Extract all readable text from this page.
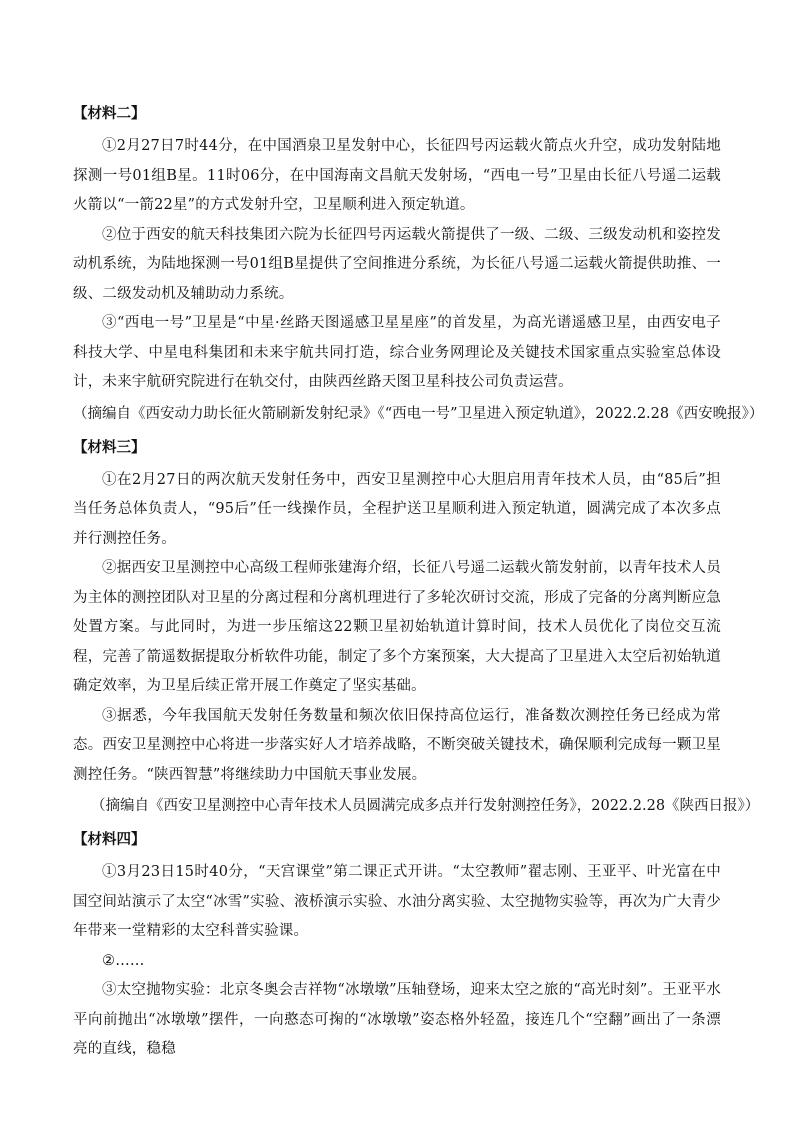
【材料二】

①2月27日7时44分，在中国酒泉卫星发射中心，长征四号丙运载火箭点火升空，成功发射陆地探测一号01组B星。11时06分，在中国海南文昌航天发射场，“西电一号”卫星由长征八号遥二运载火箭以“一箭22星”的方式发射升空，卫星顺利进入预定轨道。

②位于西安的航天科技集团六院为长征四号丙运载火箭提供了一级、二级、三级发动机和姿控发动机系统，为陆地探测一号01组B星提供了空间推进分系统，为长征八号遥二运载火箭提供助推、一级、二级发动机及辅助动力系统。

③“西电一号”卫星是“中星·丝路天图遥感卫星星座”的首发星，为高光谱遥感卫星，由西安电子科技大学、中星电科集团和未来宇航共同打造，综合业务网理论及关键技术国家重点实验室总体设计，未来宇航研究院进行在轨交付，由陕西丝路天图卫星科技公司负责运营。

（摘编自《西安动力助长征火箭刷新发射纪录》《“西电一号”卫星进入预定轨道》，2022.2.28《西安晚报》）

【材料三】

①在2月27日的两次航天发射任务中，西安卫星测控中心大胆启用青年技术人员，由“85后”担当任务总体负责人，“95后”任一线操作员，全程护送卫星顺利进入预定轨道，圆满完成了本次多点并行测控任务。

②据西安卫星测控中心高级工程师张建海介绍，长征八号遥二运载火箭发射前，以青年技术人员为主体的测控团队对卫星的分离过程和分离机理进行了多轮次研讨交流，形成了完备的分离判断应急处置方案。与此同时，为进一步压缩这22颗卫星初始轨道计算时间，技术人员优化了岗位交互流程，完善了箭遥数据提取分析软件功能，制定了多个方案预案，大大提高了卫星进入太空后初始轨道确定效率，为卫星后续正常开展工作奠定了坚实基础。

③据悉，今年我国航天发射任务数量和频次依旧保持高位运行，准备数次测控任务已经成为常态。西安卫星测控中心将进一步落实好人才培养战略，不断突破关键技术，确保顺利完成每一颗卫星测控任务。“陕西智慧”将继续助力中国航天事业发展。

（摘编自《西安卫星测控中心青年技术人员圆满完成多点并行发射测控任务》，2022.2.28《陕西日报》）

【材料四】

①3月23日15时40分，“天宫课堂”第二课正式开讲。“太空教师”翟志刚、王亚平、叶光富在中国空间站演示了太空“冰雪”实验、液桥演示实验、水油分离实验、太空抛物实验等，再次为广大青少年带来一堂精彩的太空科普实验课。

②……

③太空抛物实验：北京冬奥会吉祥物“冰墩墩”压轴登场，迎来太空之旅的“高光时刻”。王亚平水平向前抛出“冰墩墩”摆件，一向憨态可掬的“冰墩墩”姿态格外轻盈，接连几个“空翻”画出了一条漂亮的直线，稳稳
